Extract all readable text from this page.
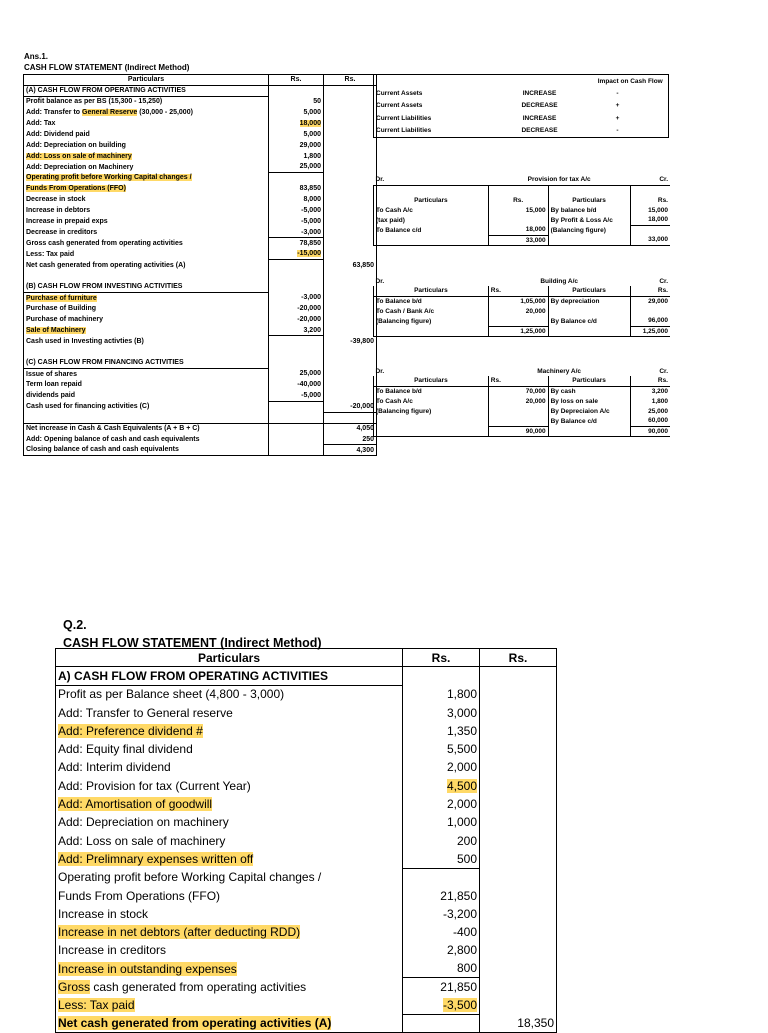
Ans.1.
CASH FLOW STATEMENT (Indirect Method)
Particulars	Rs.	Rs.
(A) CASH FLOW FROM OPERATING ACTIVITIES		
Profit balance as per BS (15,300 - 15,250)	50	
Add: Transfer to General Reserve (30,000 - 25,000)	5,000	
Add: Tax	18,000	
Add: Dividend paid	5,000	
Add: Depreciation on building	29,000	
Add: Loss on sale of machinery	1,800	
Add: Depreciation on Machinery	25,000	
Operating profit before Working Capital changes /		
Funds From Operations (FFO)	83,850	
Decrease in stock	8,000	
Increase in debtors	-5,000	
Increase in prepaid exps	-5,000	
Decrease in creditors	-3,000	
Gross cash generated from operating activities	78,850	
Less: Tax paid	-15,000	
Net cash generated from operating activities (A)		63,850

(B) CASH FLOW FROM INVESTING ACTIVITIES		
Purchase of furniture	-3,000	
Purchase of Building	-20,000	
Purchase of machinery	-20,000	
Sale of Machinery	3,200	
Cash used in Investing activties (B)		-39,800

(C) CASH FLOW FROM FINANCING ACTIVITIES		
Issue of shares	25,000	
Term loan repaid	-40,000	
dividends paid	-5,000	
Cash used for financing activities (C)		-20,000

Net increase in Cash & Cash Equivalents (A + B + C)		4,050
Add: Opening balance of cash and cash equivalents		250
Closing balance of cash and cash equivalents		4,300
		Impact on Cash Flow	
Current Assets	INCREASE	-	
Current Assets	DECREASE	+	
Current Liabilities	INCREASE	+	
Current Liabilities	DECREASE	-	
Dr.	Provision for tax A/c		Cr.

Particulars	Rs.	Particulars	Rs.
To Cash A/c	15,000	By balance b/d	15,000
(tax paid)		By Profit & Loss A/c	18,000
To Balance c/d	18,000	(Balancing figure)	
	33,000		33,000
Dr.	Building A/c		Cr.
Particulars	Rs.	Particulars	Rs.
To Balance b/d	1,05,000	By depreciation	29,000
To Cash / Bank A/c	20,000		
(Balancing figure)		By Balance c/d	96,000
	1,25,000		1,25,000
Dr.	Machinery A/c		Cr.
Particulars	Rs.	Particulars	Rs.
To Balance b/d	70,000	By cash	3,200
To Cash A/c	20,000	By loss on sale	1,800
(Balancing figure)		By Depreciaion A/c	25,000
		By Balance c/d	60,000
	90,000		90,000
Q.2.
CASH FLOW STATEMENT (Indirect Method)
Particulars	Rs.	Rs.
A) CASH FLOW FROM OPERATING ACTIVITIES		
Profit as per Balance sheet (4,800 - 3,000)	1,800	
Add: Transfer to General reserve	3,000	
Add: Preference dividend #	1,350	
Add: Equity final dividend	5,500	
Add: Interim dividend	2,000	
Add: Provision for tax (Current Year)	4,500	
Add: Amortisation of goodwill	2,000	
Add: Depreciation on machinery	1,000	
Add: Loss on sale of machinery	200	
Add: Prelimnary expenses written off	500	
Operating profit before Working Capital changes /		
Funds From Operations (FFO)	21,850	
Increase in stock	-3,200	
Increase in net debtors (after deducting RDD)	-400	
Increase in creditors	2,800	
Increase in outstanding expenses	800	
Gross cash generated from operating activities	21,850	
Less: Tax paid	-3,500	
Net cash generated from operating activities (A)		18,350
